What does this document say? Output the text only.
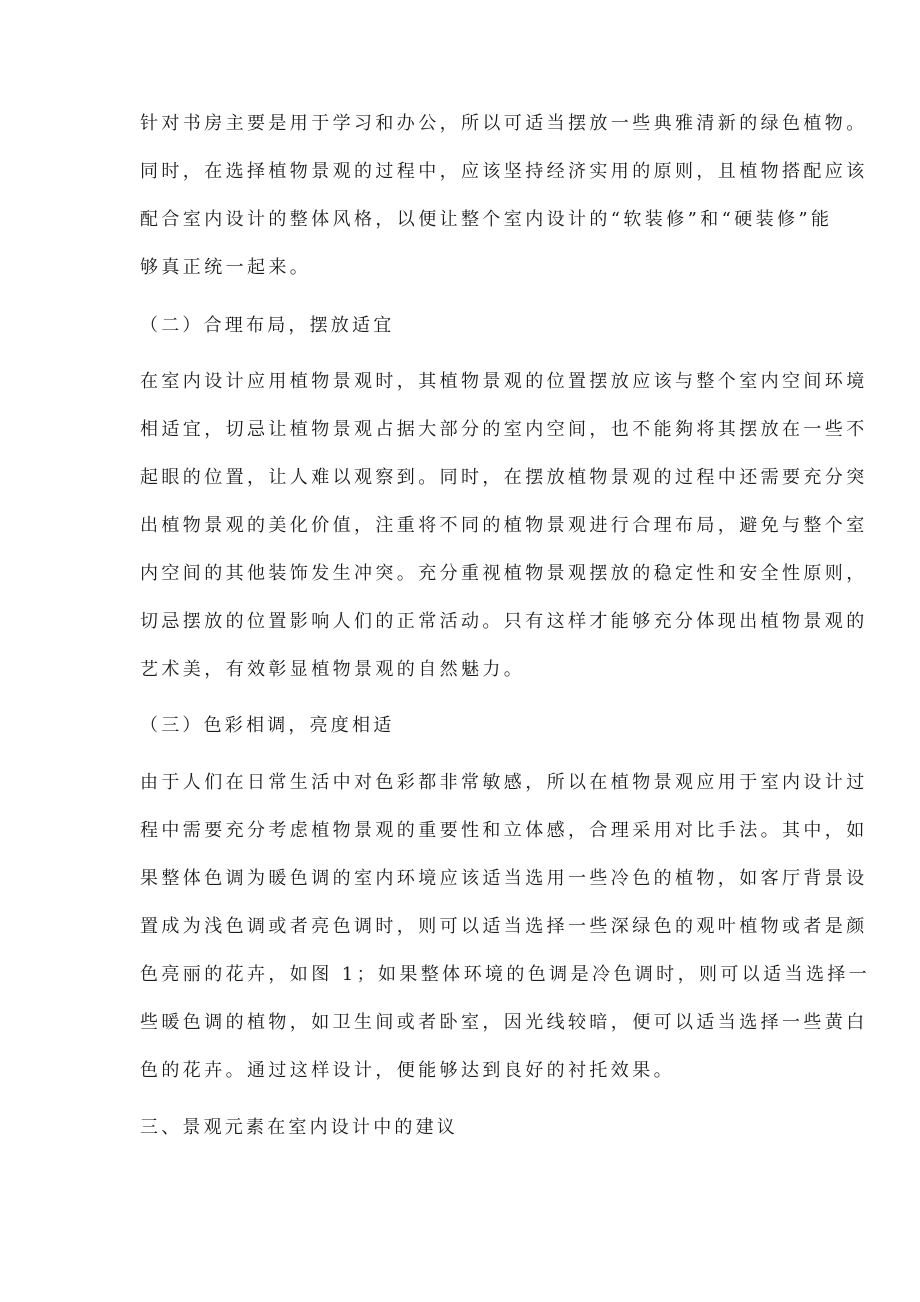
针对书房主要是用于学习和办公，所以可适当摆放一些典雅清新的绿色植物。
同时，在选择植物景观的过程中，应该坚持经济实用的原则，且植物搭配应该
配合室内设计的整体风格，以便让整个室内设计的“软装修”和“硬装修”能
够真正统一起来。
（二）合理布局，摆放适宜
在室内设计应用植物景观时，其植物景观的位置摆放应该与整个室内空间环境
相适宜，切忌让植物景观占据大部分的室内空间，也不能夠将其摆放在一些不
起眼的位置，让人难以观察到。同时，在摆放植物景观的过程中还需要充分突
出植物景观的美化价值，注重将不同的植物景观进行合理布局，避免与整个室
内空间的其他装饰发生冲突。充分重视植物景观摆放的稳定性和安全性原则，
切忌摆放的位置影响人们的正常活动。只有这样才能够充分体现出植物景观的
艺术美，有效彰显植物景观的自然魅力。
（三）色彩相调，亮度相适
由于人们在日常生活中对色彩都非常敏感，所以在植物景观应用于室内设计过
程中需要充分考虑植物景观的重要性和立体感，合理采用对比手法。其中，如
果整体色调为暖色调的室内环境应该适当选用一些冷色的植物，如客厅背景设
置成为浅色调或者亮色调时，则可以适当选择一些深绿色的观叶植物或者是颜
色亮丽的花卉，如图 1；如果整体环境的色调是冷色调时，则可以适当选择一
些暖色调的植物，如卫生间或者卧室，因光线较暗，便可以适当选择一些黄白
色的花卉。通过这样设计，便能够达到良好的衬托效果。
三、景观元素在室内设计中的建议
